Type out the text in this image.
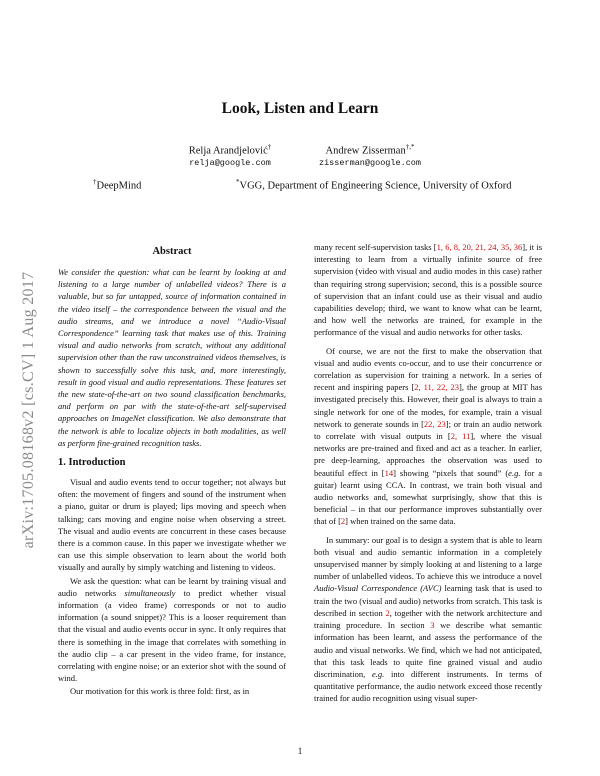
arXiv:1705.08168v2 [cs.CV] 1 Aug 2017
Look, Listen and Learn
Relja Arandjelović†
relja@google.com
Andrew Zisserman†,*
zisserman@google.com
†DeepMind	*VGG, Department of Engineering Science, University of Oxford
Abstract

We consider the question: what can be learnt by looking at and listening to a large number of unlabelled videos? There is a valuable, but so far untapped, source of information contained in the video itself – the correspondence between the visual and the audio streams, and we introduce a novel “Audio-Visual Correspondence” learning task that makes use of this. Training visual and audio networks from scratch, without any additional supervision other than the raw unconstrained videos themselves, is shown to successfully solve this task, and, more interestingly, result in good visual and audio representations. These features set the new state-of-the-art on two sound classification benchmarks, and perform on par with the state-of-the-art self-supervised approaches on ImageNet classification. We also demonstrate that the network is able to localize objects in both modalities, as well as perform fine-grained recognition tasks.

1. Introduction

Visual and audio events tend to occur together; not always but often: the movement of fingers and sound of the instrument when a piano, guitar or drum is played; lips moving and speech when talking; cars moving and engine noise when observing a street. The visual and audio events are concurrent in these cases because there is a common cause. In this paper we investigate whether we can use this simple observation to learn about the world both visually and aurally by simply watching and listening to videos.

We ask the question: what can be learnt by training visual and audio networks simultaneously to predict whether visual information (a video frame) corresponds or not to audio information (a sound snippet)? This is a looser requirement than that the visual and audio events occur in sync. It only requires that there is something in the image that correlates with something in the audio clip – a car present in the video frame, for instance, correlating with engine noise; or an exterior shot with the sound of wind.

Our motivation for this work is three fold: first, as in

many recent self-supervision tasks [1, 6, 8, 20, 21, 24, 35, 36], it is interesting to learn from a virtually infinite source of free supervision (video with visual and audio modes in this case) rather than requiring strong supervision; second, this is a possible source of supervision that an infant could use as their visual and audio capabilities develop; third, we want to know what can be learnt, and how well the networks are trained, for example in the performance of the visual and audio networks for other tasks.

Of course, we are not the first to make the observation that visual and audio events co-occur, and to use their concurrence or correlation as supervision for training a network. In a series of recent and inspiring papers [2, 11, 22, 23], the group at MIT has investigated precisely this. However, their goal is always to train a single network for one of the modes, for example, train a visual network to generate sounds in [22, 23]; or train an audio network to correlate with visual outputs in [2, 11], where the visual networks are pre-trained and fixed and act as a teacher. In earlier, pre deep-learning, approaches the observation was used to beautiful effect in [14] showing “pixels that sound” (e.g. for a guitar) learnt using CCA. In contrast, we train both visual and audio networks and, somewhat surprisingly, show that this is beneficial – in that our performance improves substantially over that of [2] when trained on the same data.

In summary: our goal is to design a system that is able to learn both visual and audio semantic information in a completely unsupervised manner by simply looking at and listening to a large number of unlabelled videos. To achieve this we introduce a novel Audio-Visual Correspondence (AVC) learning task that is used to train the two (visual and audio) networks from scratch. This task is described in section 2, together with the network architecture and training procedure. In section 3 we describe what semantic information has been learnt, and assess the performance of the audio and visual networks. We find, which we had not anticipated, that this task leads to quite fine grained visual and audio discrimination, e.g. into different instruments. In terms of quantitative performance, the audio network exceed those recently trained for audio recognition using visual super-

1
